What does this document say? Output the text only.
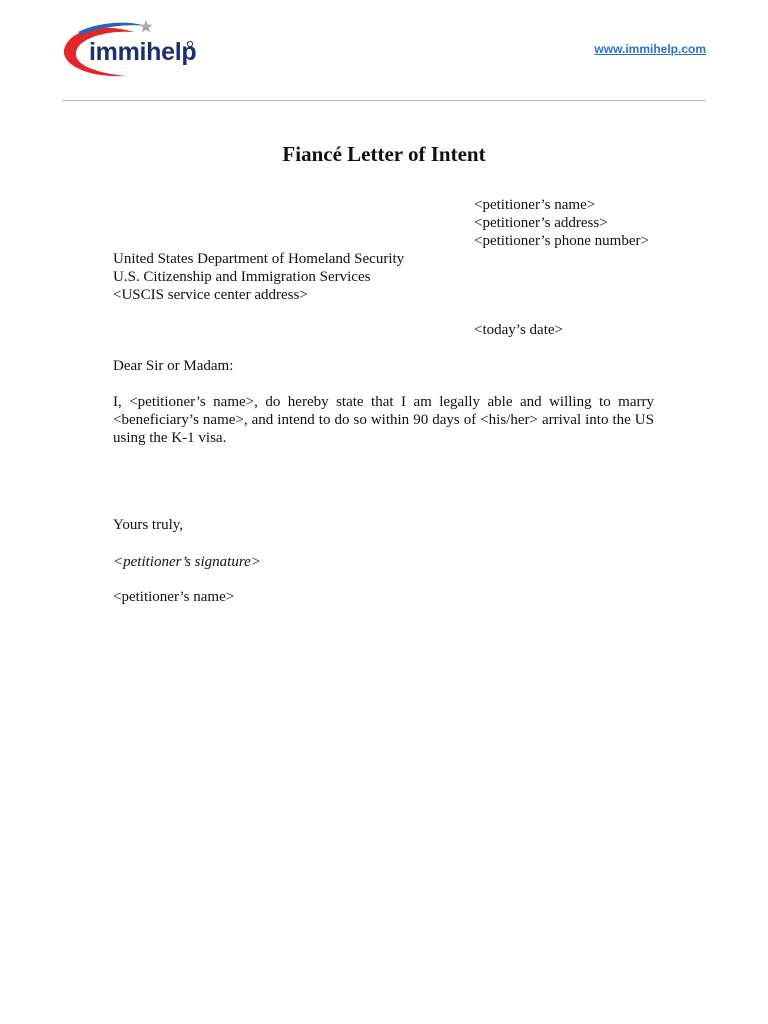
immihelp	www.immihelp.com
Fiancé Letter of Intent
<petitioner’s name>
<petitioner’s address>
<petitioner’s phone number>
United States Department of Homeland Security
U.S. Citizenship and Immigration Services
<USCIS service center address>
<today’s date>
Dear Sir or Madam:

I, <petitioner’s name>, do hereby state that I am legally able and willing to marry <beneficiary’s name>, and intend to do so within 90 days of <his/her> arrival into the US using the K-1 visa.

Yours truly,
<petitioner’s signature>
<petitioner’s name>
